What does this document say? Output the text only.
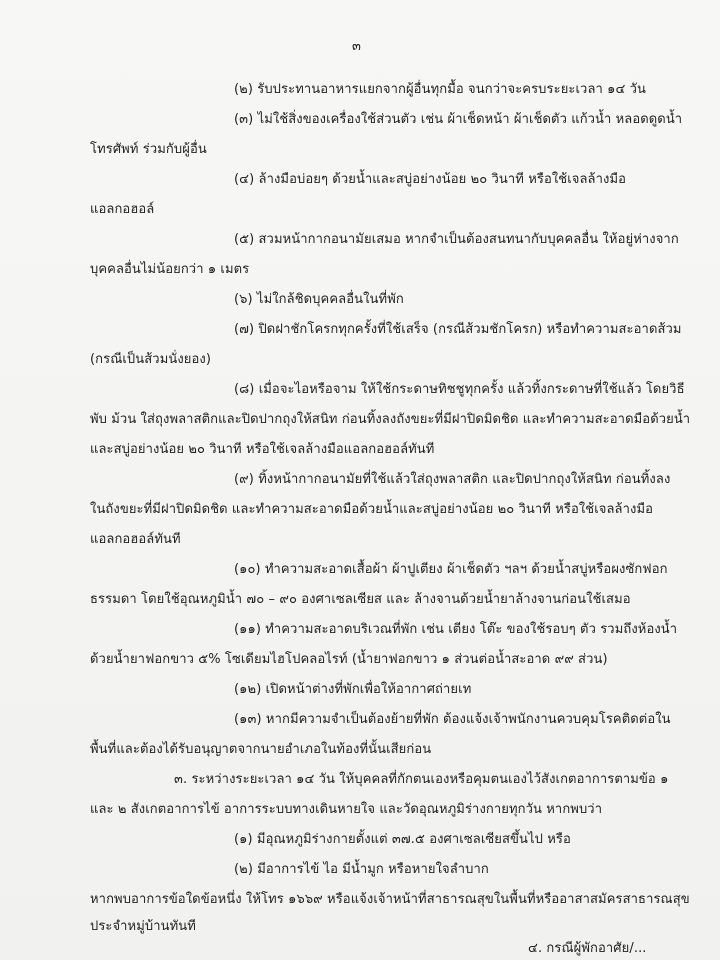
๓
(๒) รับประทานอาหารแยกจากผู้อื่นทุกมื้อ จนกว่าจะครบระยะเวลา ๑๔ วัน
(๓) ไม่ใช้สิ่งของเครื่องใช้ส่วนตัว เช่น ผ้าเช็ดหน้า ผ้าเช็ดตัว แก้วน้ำ หลอดดูดน้ำ
โทรศัพท์ ร่วมกับผู้อื่น
(๔) ล้างมือบ่อยๆ ด้วยน้ำและสบู่อย่างน้อย ๒๐ วินาที หรือใช้เจลล้างมือ
แอลกอฮอล์
(๕) สวมหน้ากากอนามัยเสมอ หากจำเป็นต้องสนทนากับบุคคลอื่น ให้อยู่ห่างจาก
บุคคลอื่นไม่น้อยกว่า ๑ เมตร
(๖) ไม่ใกล้ชิดบุคคลอื่นในที่พัก
(๗) ปิดฝาชักโครกทุกครั้งที่ใช้เสร็จ (กรณีส้วมชักโครก) หรือทำความสะอาดส้วม
(กรณีเป็นส้วมนั่งยอง)
(๘) เมื่อจะไอหรือจาม ให้ใช้กระดาษทิชชูทุกครั้ง แล้วทิ้งกระดาษที่ใช้แล้ว โดยวิธี
พับ ม้วน ใส่ถุงพลาสติกและปิดปากถุงให้สนิท ก่อนทิ้งลงถังขยะที่มีฝาปิดมิดชิด และทำความสะอาดมือด้วยน้ำ
และสบู่อย่างน้อย ๒๐ วินาที หรือใช้เจลล้างมือแอลกอฮอล์ทันที
(๙) ทิ้งหน้ากากอนามัยที่ใช้แล้วใส่ถุงพลาสติก และปิดปากถุงให้สนิท ก่อนทิ้งลง
ในถังขยะที่มีฝาปิดมิดชิด และทำความสะอาดมือด้วยน้ำและสบู่อย่างน้อย ๒๐ วินาที หรือใช้เจลล้างมือ
แอลกอฮอล์ทันที
(๑๐) ทำความสะอาดเสื้อผ้า ผ้าปูเตียง ผ้าเช็ดตัว ฯลฯ ด้วยน้ำสบู่หรือผงซักฟอก
ธรรมดา โดยใช้อุณหภูมิน้ำ ๗๐ – ๙๐ องศาเซลเซียส และ ล้างจานด้วยน้ำยาล้างจานก่อนใช้เสมอ
(๑๑) ทำความสะอาดบริเวณที่พัก เช่น เตียง โต๊ะ ของใช้รอบๆ ตัว รวมถึงห้องน้ำ
ด้วยน้ำยาฟอกขาว ๕% โซเดียมไฮโปคลอไรท์ (น้ำยาฟอกขาว ๑ ส่วนต่อน้ำสะอาด ๙๙ ส่วน)
(๑๒) เปิดหน้าต่างที่พักเพื่อให้อากาศถ่ายเท
(๑๓) หากมีความจำเป็นต้องย้ายที่พัก ต้องแจ้งเจ้าพนักงานควบคุมโรคติดต่อใน
พื้นที่และต้องได้รับอนุญาตจากนายอำเภอในท้องที่นั้นเสียก่อน
๓. ระหว่างระยะเวลา ๑๔ วัน ให้บุคคลที่กักตนเองหรือคุมตนเองไว้สังเกตอาการตามข้อ ๑
และ ๒ สังเกตอาการไข้ อาการระบบทางเดินหายใจ และวัดอุณหภูมิร่างกายทุกวัน หากพบว่า
(๑) มีอุณหภูมิร่างกายตั้งแต่ ๓๗.๕ องศาเซลเซียสขึ้นไป หรือ
(๒) มีอาการไข้ ไอ มีน้ำมูก หรือหายใจลำบาก
หากพบอาการข้อใดข้อหนึ่ง ให้โทร ๑๖๖๙ หรือแจ้งเจ้าหน้าที่สาธารณสุขในพื้นที่หรืออาสาสมัครสาธารณสุข
ประจำหมู่บ้านทันที
๔. กรณีผู้พักอาศัย/...
